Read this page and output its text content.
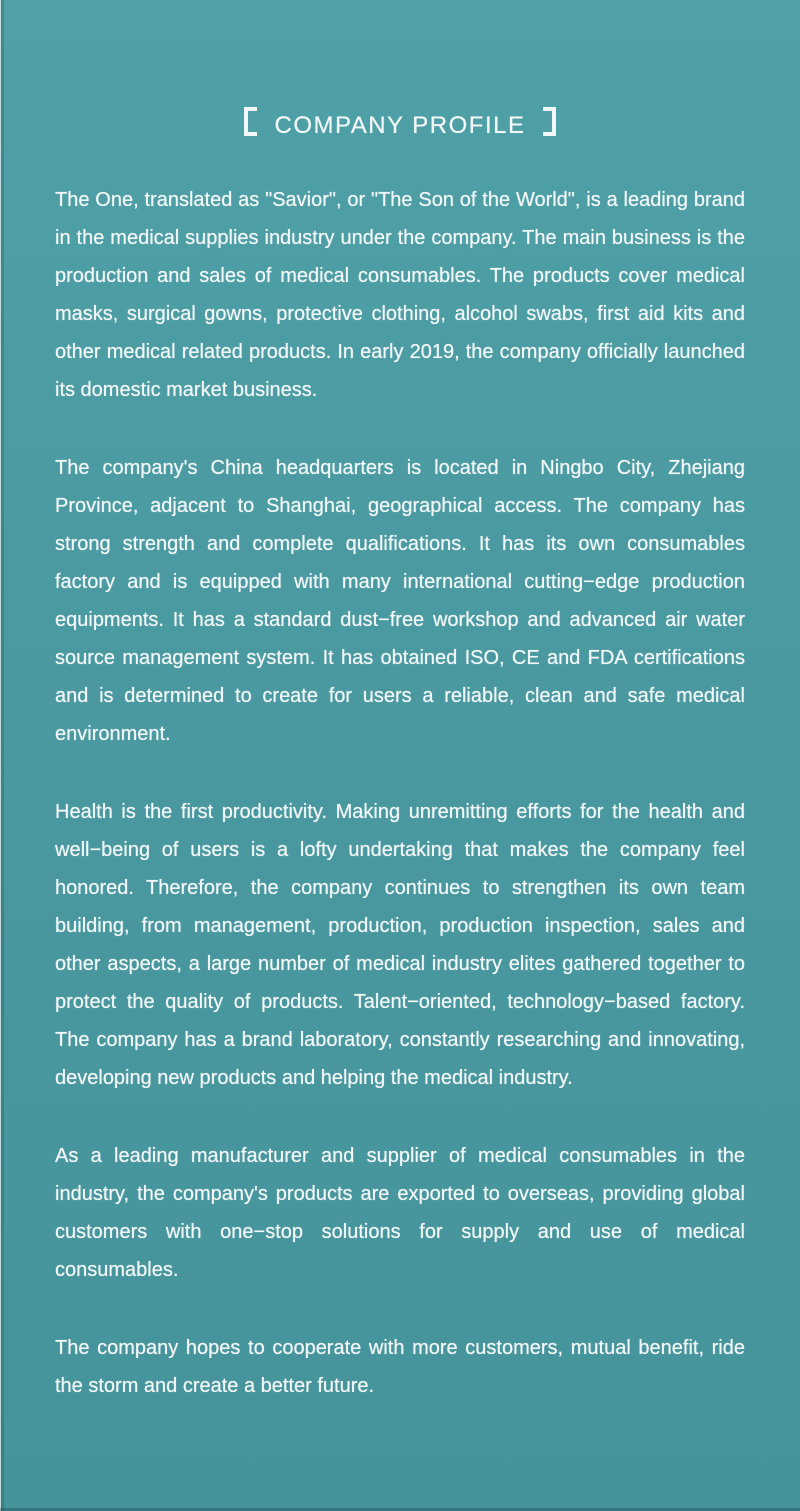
COMPANY PROFILE

The One, translated as "Savior", or "The Son of the World", is a leading brand in the medical supplies industry under the company. The main business is the production and sales of medical consumables. The products cover medical masks, surgical gowns, protective clothing, alcohol swabs, first aid kits and other medical related products. In early 2019, the company officially launched its domestic market business.

The company's China headquarters is located in Ningbo City, Zhejiang Province, adjacent to Shanghai, geographical access. The company has strong strength and complete qualifications. It has its own consumables factory and is equipped with many international cutting−edge production equipments. It has a standard dust−free workshop and advanced air water source management system. It has obtained ISO, CE and FDA certifications and is determined to create for users a reliable, clean and safe medical environment.

Health is the first productivity. Making unremitting efforts for the health and well−being of users is a lofty undertaking that makes the company feel honored. Therefore, the company continues to strengthen its own team building, from management, production, production inspection, sales and other aspects, a large number of medical industry elites gathered together to protect the quality of products. Talent−oriented, technology−based factory. The company has a brand laboratory, constantly researching and innovating, developing new products and helping the medical industry.

As a leading manufacturer and supplier of medical consumables in the industry, the company's products are exported to overseas, providing global customers with one−stop solutions for supply and use of medical consumables.

The company hopes to cooperate with more customers, mutual benefit, ride the storm and create a better future.
